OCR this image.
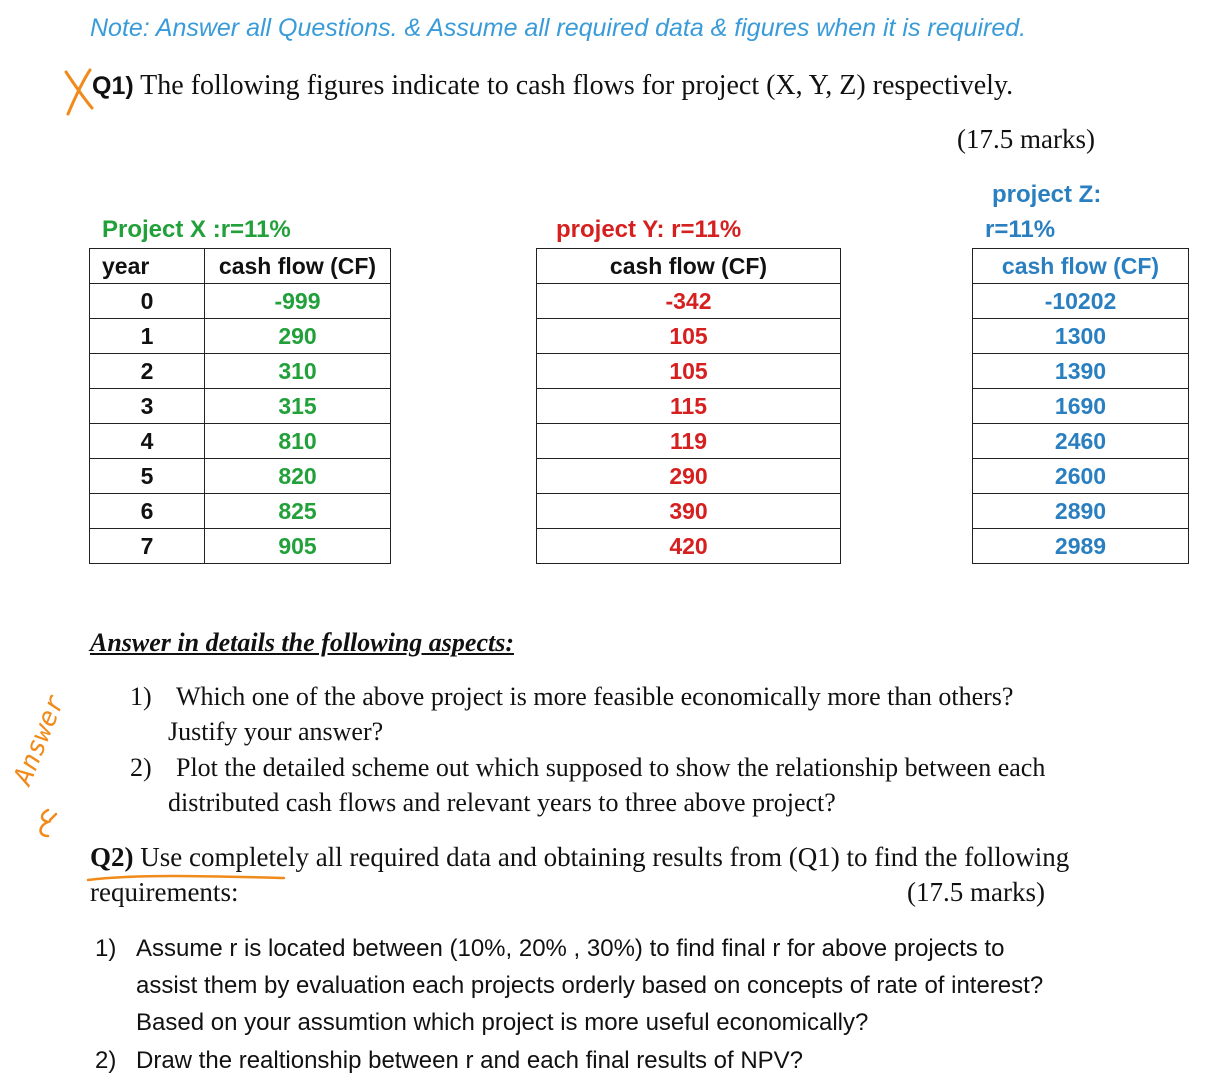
Note: Answer all Questions. & Assume all required data & figures when it is required.
Q1) The following figures indicate to cash flows for project (X, Y, Z) respectively.
(17.5 marks)
Project X :r=11%	project Y: r=11%
project Z:
r=11%
year	cash flow (CF)
0	-999
1	290
2	310
3	315
4	810
5	820
6	825
7	905
cash flow (CF)
-342
105
105
115
119
290
390
420
cash flow (CF)
-10202
1300
1390
1690
2460
2600
2890
2989
Answer in details the following aspects:
1) Which one of the above project is more feasible economically more than others?
Justify your answer?
2) Plot the detailed scheme out which supposed to show the relationship between each
distributed cash flows and relevant years to three above project?
Answer
Q2) Use completely all required data and obtaining results from (Q1) to find the following
requirements:	(17.5 marks)
1) Assume r is located between (10%, 20% , 30%) to find final r for above projects to
assist them by evaluation each projects orderly based on concepts of rate of interest?
Based on your assumtion which project is more useful economically?
2) Draw the realtionship between r and each final results of NPV?
